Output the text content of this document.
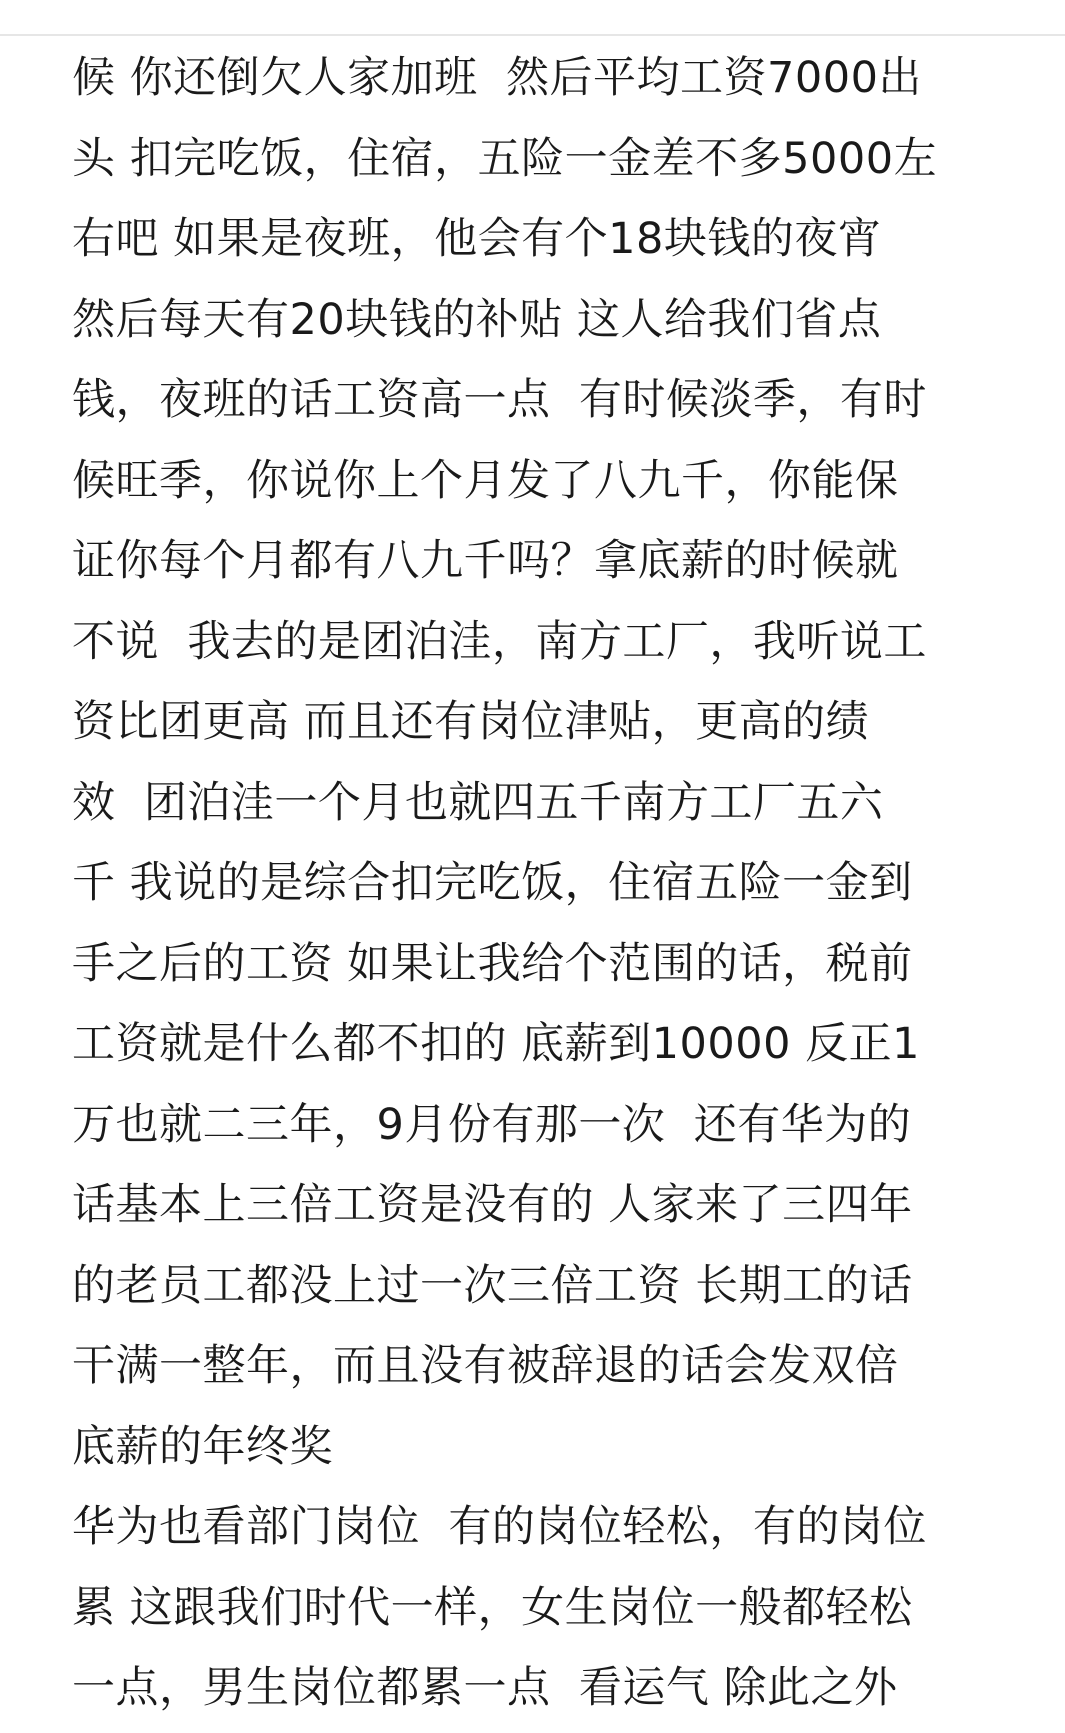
候 你还倒欠人家加班  然后平均工资7000出
头 扣完吃饭，住宿，五险一金差不多5000左
右吧 如果是夜班，他会有个18块钱的夜宵
然后每天有20块钱的补贴 这人给我们省点
钱，夜班的话工资高一点  有时候淡季，有时
候旺季，你说你上个月发了八九千，你能保
证你每个月都有八九千吗？拿底薪的时候就
不说  我去的是团泊洼，南方工厂，我听说工
资比团更高 而且还有岗位津贴，更高的绩
效  团泊洼一个月也就四五千南方工厂五六
千 我说的是综合扣完吃饭，住宿五险一金到
手之后的工资 如果让我给个范围的话，税前
工资就是什么都不扣的 底薪到10000 反正1
万也就二三年，9月份有那一次  还有华为的
话基本上三倍工资是没有的 人家来了三四年
的老员工都没上过一次三倍工资 长期工的话
干满一整年，而且没有被辞退的话会发双倍
底薪的年终奖
华为也看部门岗位  有的岗位轻松，有的岗位
累 这跟我们时代一样，女生岗位一般都轻松
一点，男生岗位都累一点  看运气 除此之外
